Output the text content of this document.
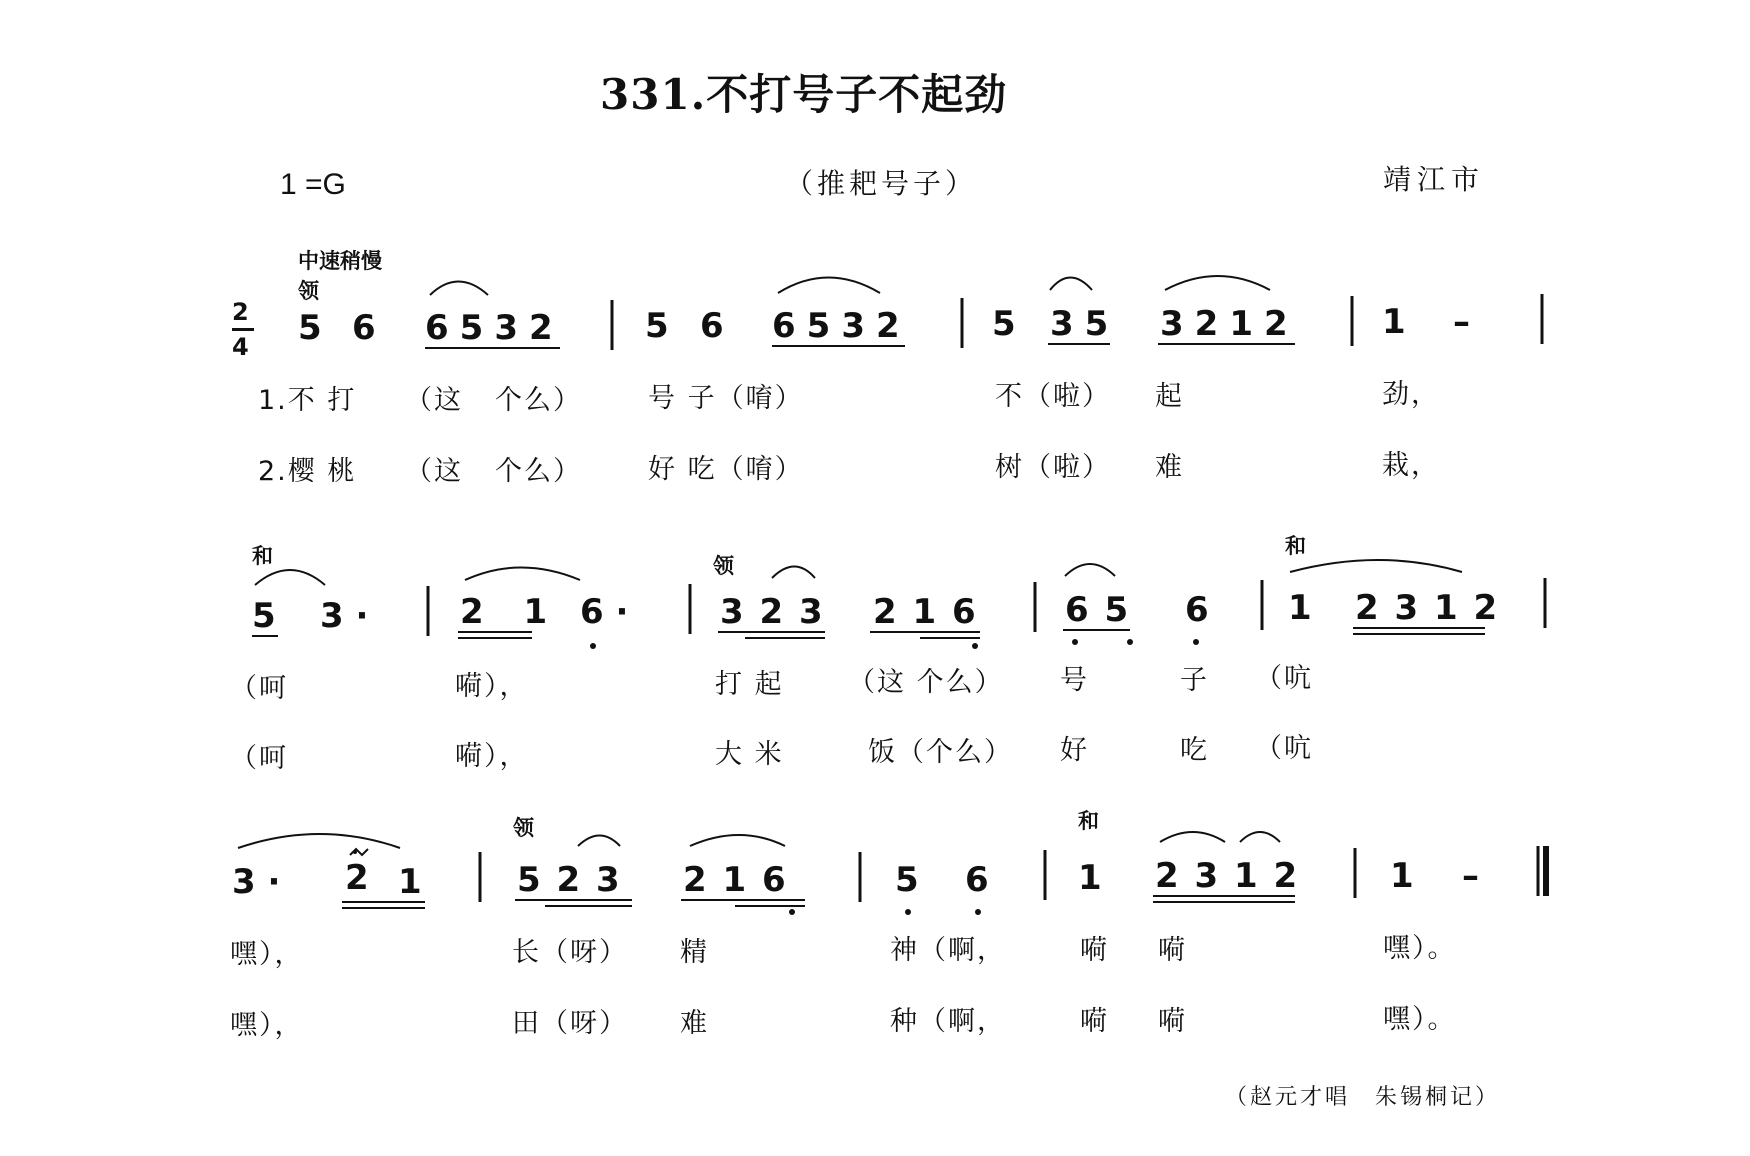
331.不打号子不起劲
1 =G	（推耙号子）	靖江市
中速稍慢
2
4
领
和	领
和
领	和
5 6 6532 5 6 6532 5 35 3212 1 –
1.不 打 （这 个么） 号 子（唷）	不（啦） 起	劲，
2.樱 桃 （这 个么） 好 吃（唷）	树（啦） 难	栽，
5 3 ·	2 1 6 ·	3 2 3 2 1 6	6 5 6 1 2 3 1 2
（呵	嗬），	打 起 （这 个么） 号	子 （吭
（呵	嗬），	大 米	饭（个么） 好	吃 （吭
3 · 2 1	5 2 3 2 1 6	5 6	1 2 3 1 2	1 –
嘿），	长（呀） 精	神（啊，	嗬 嗬	嘿）。
嘿），	田（呀） 难	种（啊，	嗬 嗬	嘿）。
（赵元才唱　朱锡桐记）
